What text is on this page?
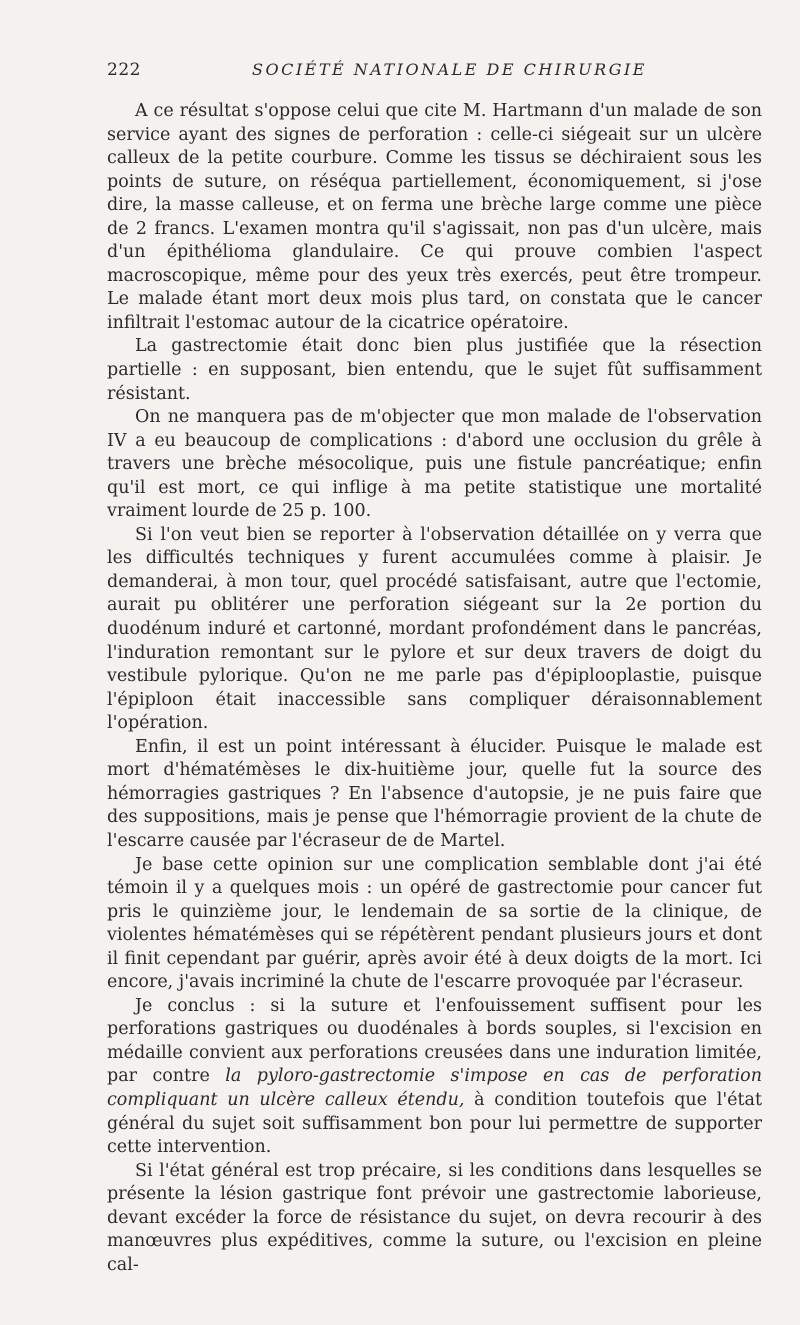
222	SOCIÉTÉ NATIONALE DE CHIRURGIE

A ce résultat s'oppose celui que cite M. Hartmann d'un malade de son service ayant des signes de perforation : celle-ci siégeait sur un ulcère calleux de la petite courbure. Comme les tissus se déchiraient sous les points de suture, on réséqua partiellement, économiquement, si j'ose dire, la masse calleuse, et on ferma une brèche large comme une pièce de 2 francs. L'examen montra qu'il s'agissait, non pas d'un ulcère, mais d'un épithélioma glandulaire. Ce qui prouve combien l'aspect macroscopique, même pour des yeux très exercés, peut être trompeur. Le malade étant mort deux mois plus tard, on constata que le cancer infiltrait l'estomac autour de la cicatrice opératoire.

La gastrectomie était donc bien plus justifiée que la résection partielle : en supposant, bien entendu, que le sujet fût suffisamment résistant.

On ne manquera pas de m'objecter que mon malade de l'observation IV a eu beaucoup de complications : d'abord une occlusion du grêle à travers une brèche mésocolique, puis une fistule pancréatique; enfin qu'il est mort, ce qui inflige à ma petite statistique une mortalité vraiment lourde de 25 p. 100.

Si l'on veut bien se reporter à l'observation détaillée on y verra que les difficultés techniques y furent accumulées comme à plaisir. Je demanderai, à mon tour, quel procédé satisfaisant, autre que l'ectomie, aurait pu oblitérer une perforation siégeant sur la 2e portion du duodénum induré et cartonné, mordant profondément dans le pancréas, l'induration remontant sur le pylore et sur deux travers de doigt du vestibule pylorique. Qu'on ne me parle pas d'épiplooplastie, puisque l'épiploon était inaccessible sans compliquer déraisonnablement l'opération.

Enfin, il est un point intéressant à élucider. Puisque le malade est mort d'hématémèses le dix-huitième jour, quelle fut la source des hémorragies gastriques ? En l'absence d'autopsie, je ne puis faire que des suppositions, mais je pense que l'hémorragie provient de la chute de l'escarre causée par l'écraseur de de Martel.

Je base cette opinion sur une complication semblable dont j'ai été témoin il y a quelques mois : un opéré de gastrectomie pour cancer fut pris le quinzième jour, le lendemain de sa sortie de la clinique, de violentes hématémèses qui se répétèrent pendant plusieurs jours et dont il finit cependant par guérir, après avoir été à deux doigts de la mort. Ici encore, j'avais incriminé la chute de l'escarre provoquée par l'écraseur.

Je conclus : si la suture et l'enfouissement suffisent pour les perforations gastriques ou duodénales à bords souples, si l'excision en médaille convient aux perforations creusées dans une induration limitée, par contre la pyloro-gastrectomie s'impose en cas de perforation compliquant un ulcère calleux étendu, à condition toutefois que l'état général du sujet soit suffisamment bon pour lui permettre de supporter cette intervention.

Si l'état général est trop précaire, si les conditions dans lesquelles se présente la lésion gastrique font prévoir une gastrectomie laborieuse, devant excéder la force de résistance du sujet, on devra recourir à des manœuvres plus expéditives, comme la suture, ou l'excision en pleine cal-
